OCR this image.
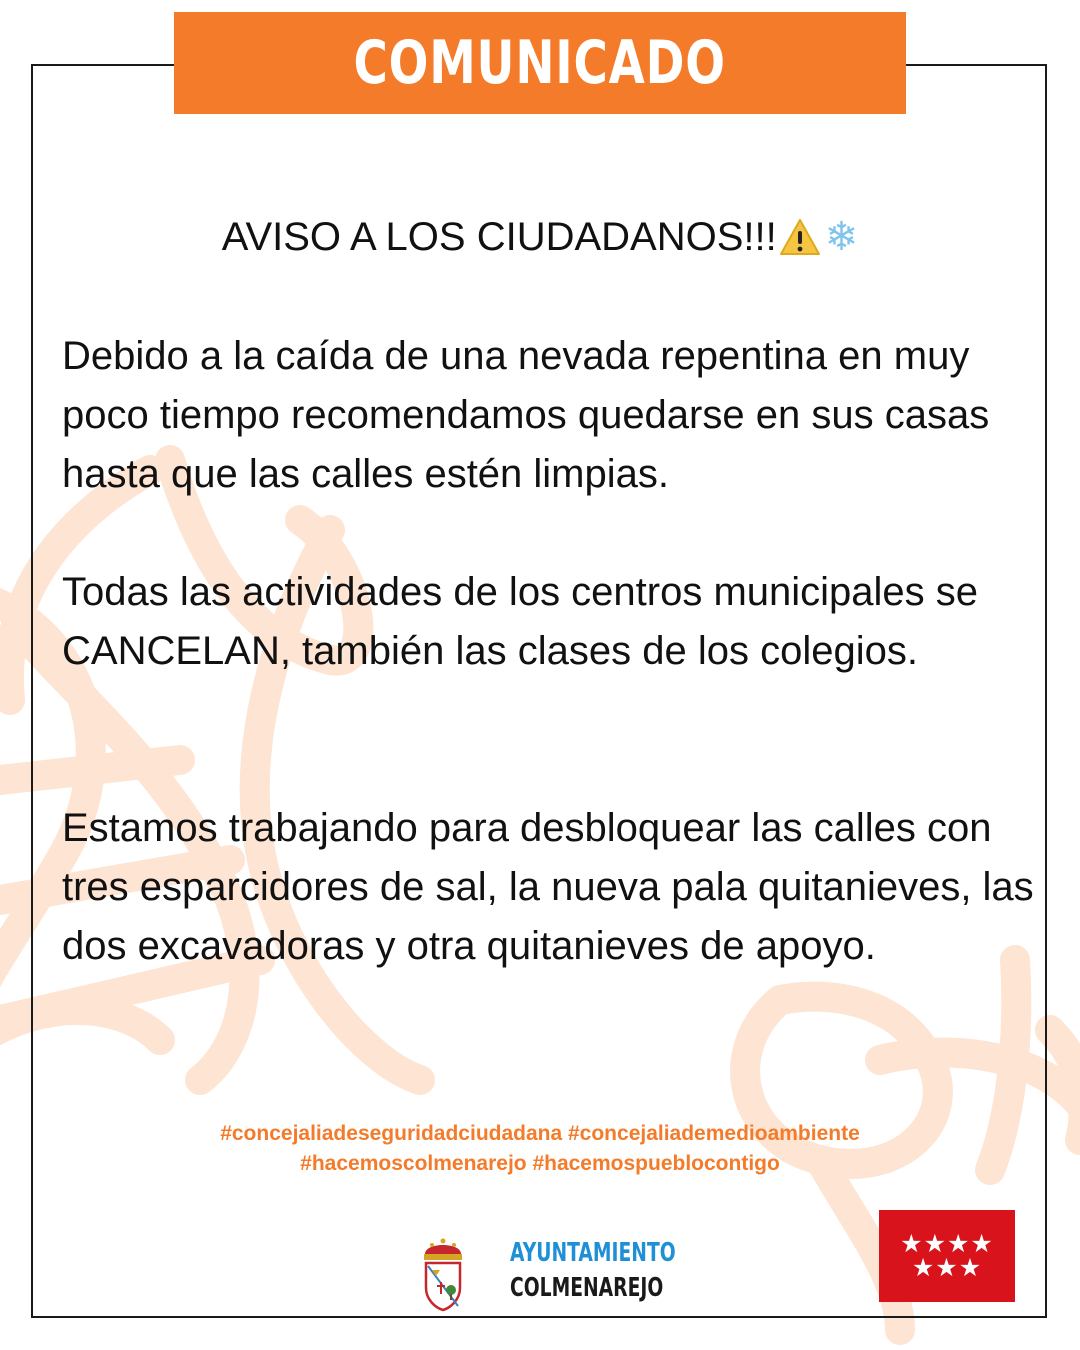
COMUNICADO
AVISO A LOS CIUDADANOS!!! ❄

Debido a la caída de una nevada repentina en muy poco tiempo recomendamos quedarse en sus casas hasta que las calles estén limpias.

Todas las actividades de los centros municipales se CANCELAN, también las clases de los colegios.

Estamos trabajando para desbloquear las calles con tres esparcidores de sal, la nueva pala quitanieves, las dos excavadoras y otra quitanieves de apoyo.

#concejaliadeseguridadciudadana #concejaliademedioambiente
#hacemoscolmenarejo #hacemospueblocontigo
AYUNTAMIENTO
COLMENAREJO
★★★★
★★★
